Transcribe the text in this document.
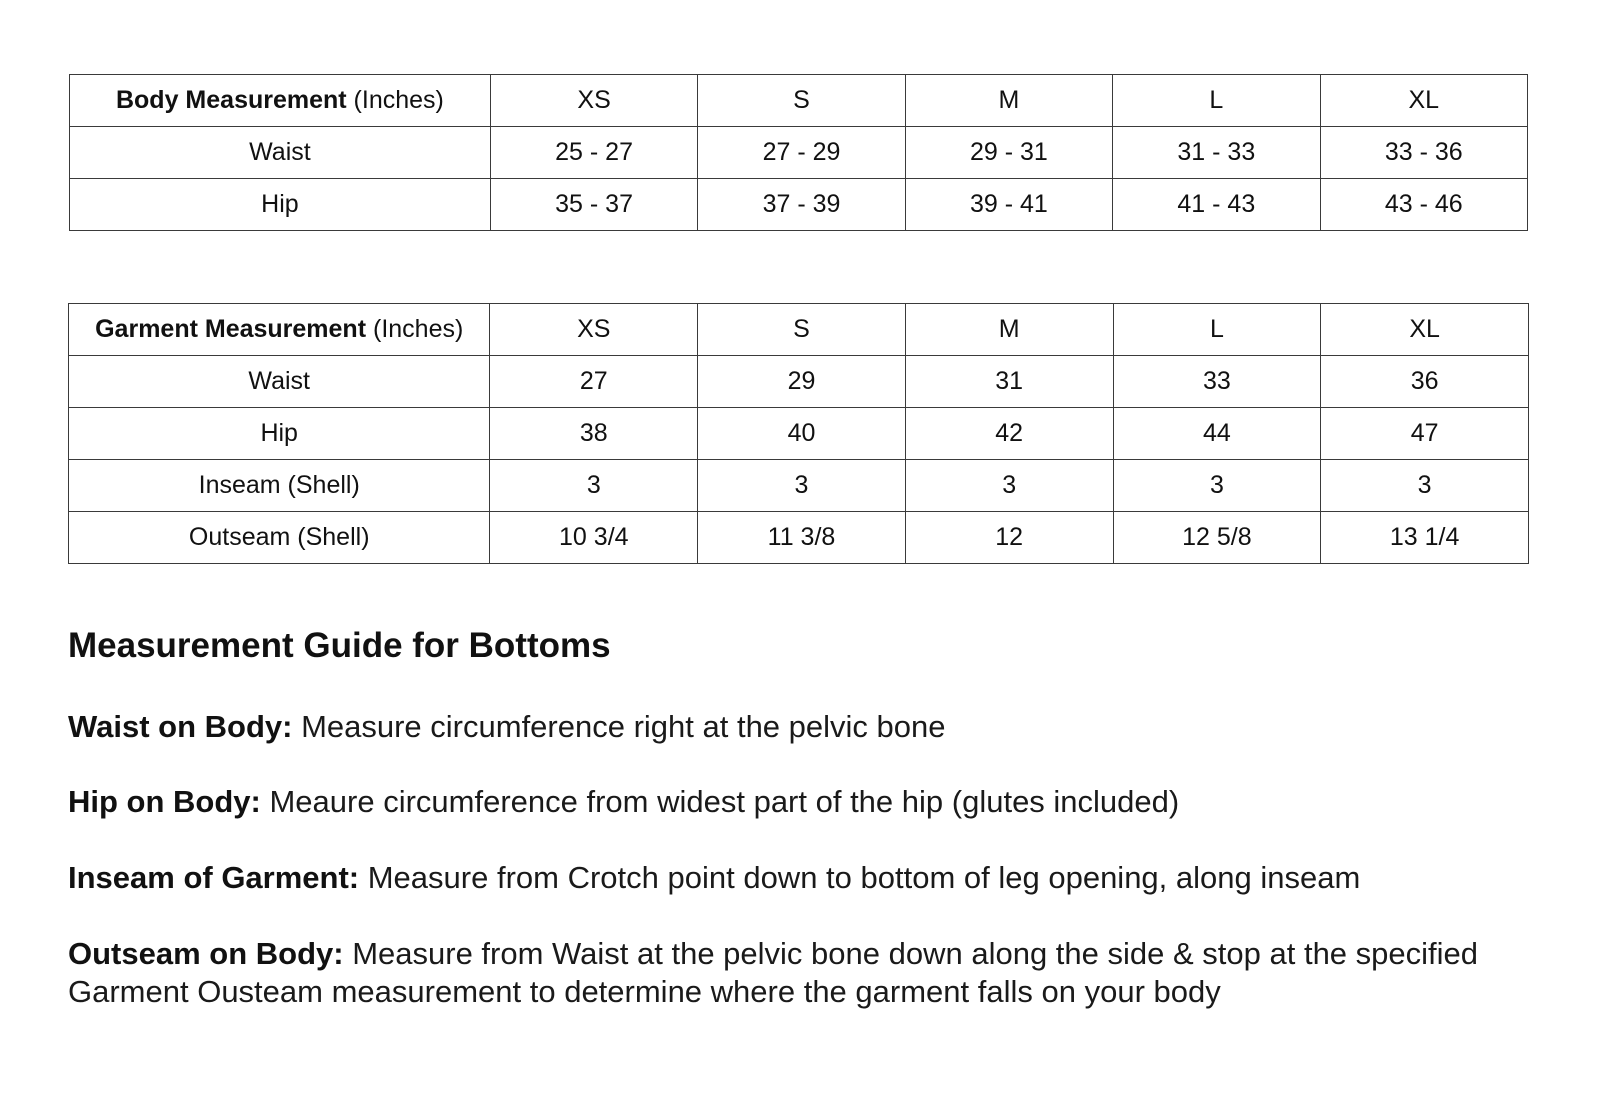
Body Measurement (Inches)	XS	S	M	L	XL
Waist	25 - 27	27 - 29	29 - 31	31 - 33	33 - 36
Hip	35 - 37	37 - 39	39 - 41	41 - 43	43 - 46
Garment Measurement (Inches)	XS	S	M	L	XL
Waist	27	29	31	33	36
Hip	38	40	42	44	47
Inseam (Shell)	3	3	3	3	3
Outseam (Shell)	10 3/4	11 3/8	12	12 5/8	13 1/4
Measurement Guide for Bottoms

Waist on Body: Measure circumference right at the pelvic bone

Hip on Body: Meaure circumference from widest part of the hip (glutes included)

Inseam of Garment: Measure from Crotch point down to bottom of leg opening, along inseam

Outseam on Body: Measure from Waist at the pelvic bone down along the side & stop at the specified Garment Ousteam measurement to determine where the garment falls on your body
